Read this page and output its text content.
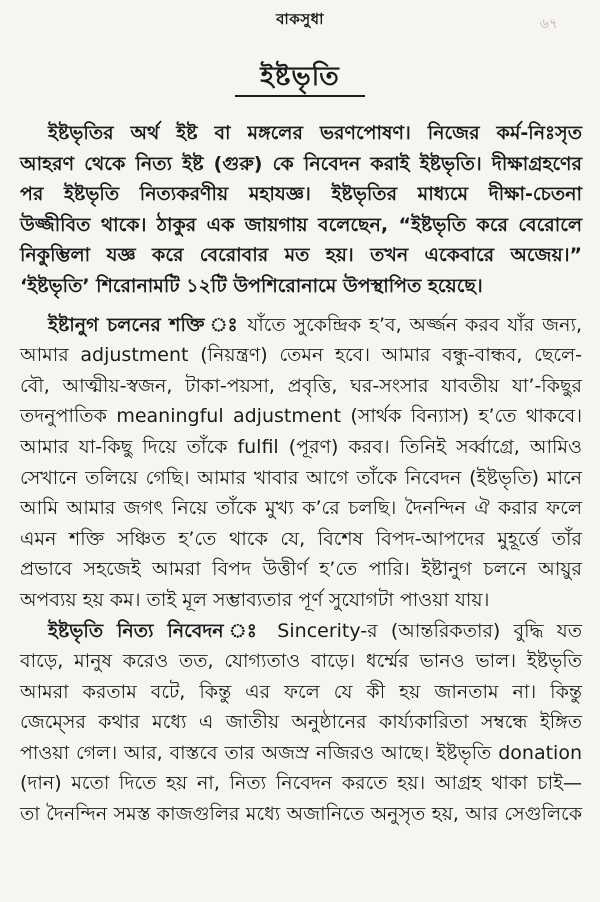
বাকসুধা	৬৭
ইষ্টভৃতি
ইষ্টভৃতির অর্থ ইষ্ট বা মঙ্গলের ভরণপোষণ। নিজের কর্ম-নিঃসৃত
আহরণ থেকে নিত্য ইষ্ট (গুরু) কে নিবেদন করাই ইষ্টভৃতি। দীক্ষাগ্রহণের
পর ইষ্টভৃতি নিত্যকরণীয় মহাযজ্ঞ। ইষ্টভৃতির মাধ্যমে দীক্ষা-চেতনা
উজ্জীবিত থাকে। ঠাকুর এক জায়গায় বলেছেন, “ইষ্টভৃতি করে বেরোলে
নিকুম্ভিলা যজ্ঞ করে বেরোবার মত হয়। তখন একেবারে অজেয়।”
‘ইষ্টভৃতি’ শিরোনামটি ১২টি উপশিরোনামে উপস্থাপিত হয়েছে।
ইষ্টানুগ চলনের শক্তি ঃ যাঁতে সুকেন্দ্রিক হ’ব, অর্জ্জন করব যাঁর জন্য,
আমার adjustment (নিয়ন্ত্রণ) তেমন হবে। আমার বন্ধু-বান্ধব, ছেলে-
বৌ, আত্মীয়-স্বজন, টাকা-পয়সা, প্রবৃত্তি, ঘর-সংসার যাবতীয় যা’-কিছুর
তদনুপাতিক meaningful adjustment (সার্থক বিন্যাস) হ’তে থাকবে।
আমার যা-কিছু দিয়ে তাঁকে fulfil (পূরণ) করব। তিনিই সর্ব্বাগ্রে, আমিও
সেখানে তলিয়ে গেছি। আমার খাবার আগে তাঁকে নিবেদন (ইষ্টভৃতি) মানে
আমি আমার জগৎ নিয়ে তাঁকে মুখ্য ক’রে চলছি। দৈনন্দিন ঐ করার ফলে
এমন শক্তি সঞ্চিত হ’তে থাকে যে, বিশেষ বিপদ-আপদের মুহূর্ত্তে তাঁর
প্রভাবে সহজেই আমরা বিপদ উত্তীর্ণ হ’তে পারি। ইষ্টানুগ চলনে আয়ুর
অপব্যয় হয় কম। তাই মূল সম্ভাব্যতার পূর্ণ সুযোগটা পাওয়া যায়।
ইষ্টভৃতি নিত্য নিবেদন ঃ Sincerity-র (আন্তরিকতার) বুদ্ধি যত
বাড়ে, মানুষ করেও তত, যোগ্যতাও বাড়ে। ধর্ম্মের ভানও ভাল। ইষ্টভৃতি
আমরা করতাম বটে, কিন্তু এর ফলে যে কী হয় জানতাম না। কিন্তু
জেম্সের কথার মধ্যে এ জাতীয় অনুষ্ঠানের কার্য্যকারিতা সম্বন্ধে ইঙ্গিত
পাওয়া গেল। আর, বাস্তবে তার অজস্র নজিরও আছে। ইষ্টভৃতি donation
(দান) মতো দিতে হয় না, নিত্য নিবেদন করতে হয়। আগ্রহ থাকা চাই—
তা দৈনন্দিন সমস্ত কাজগুলির মধ্যে অজানিতে অনুসৃত হয়, আর সেগুলিকে
